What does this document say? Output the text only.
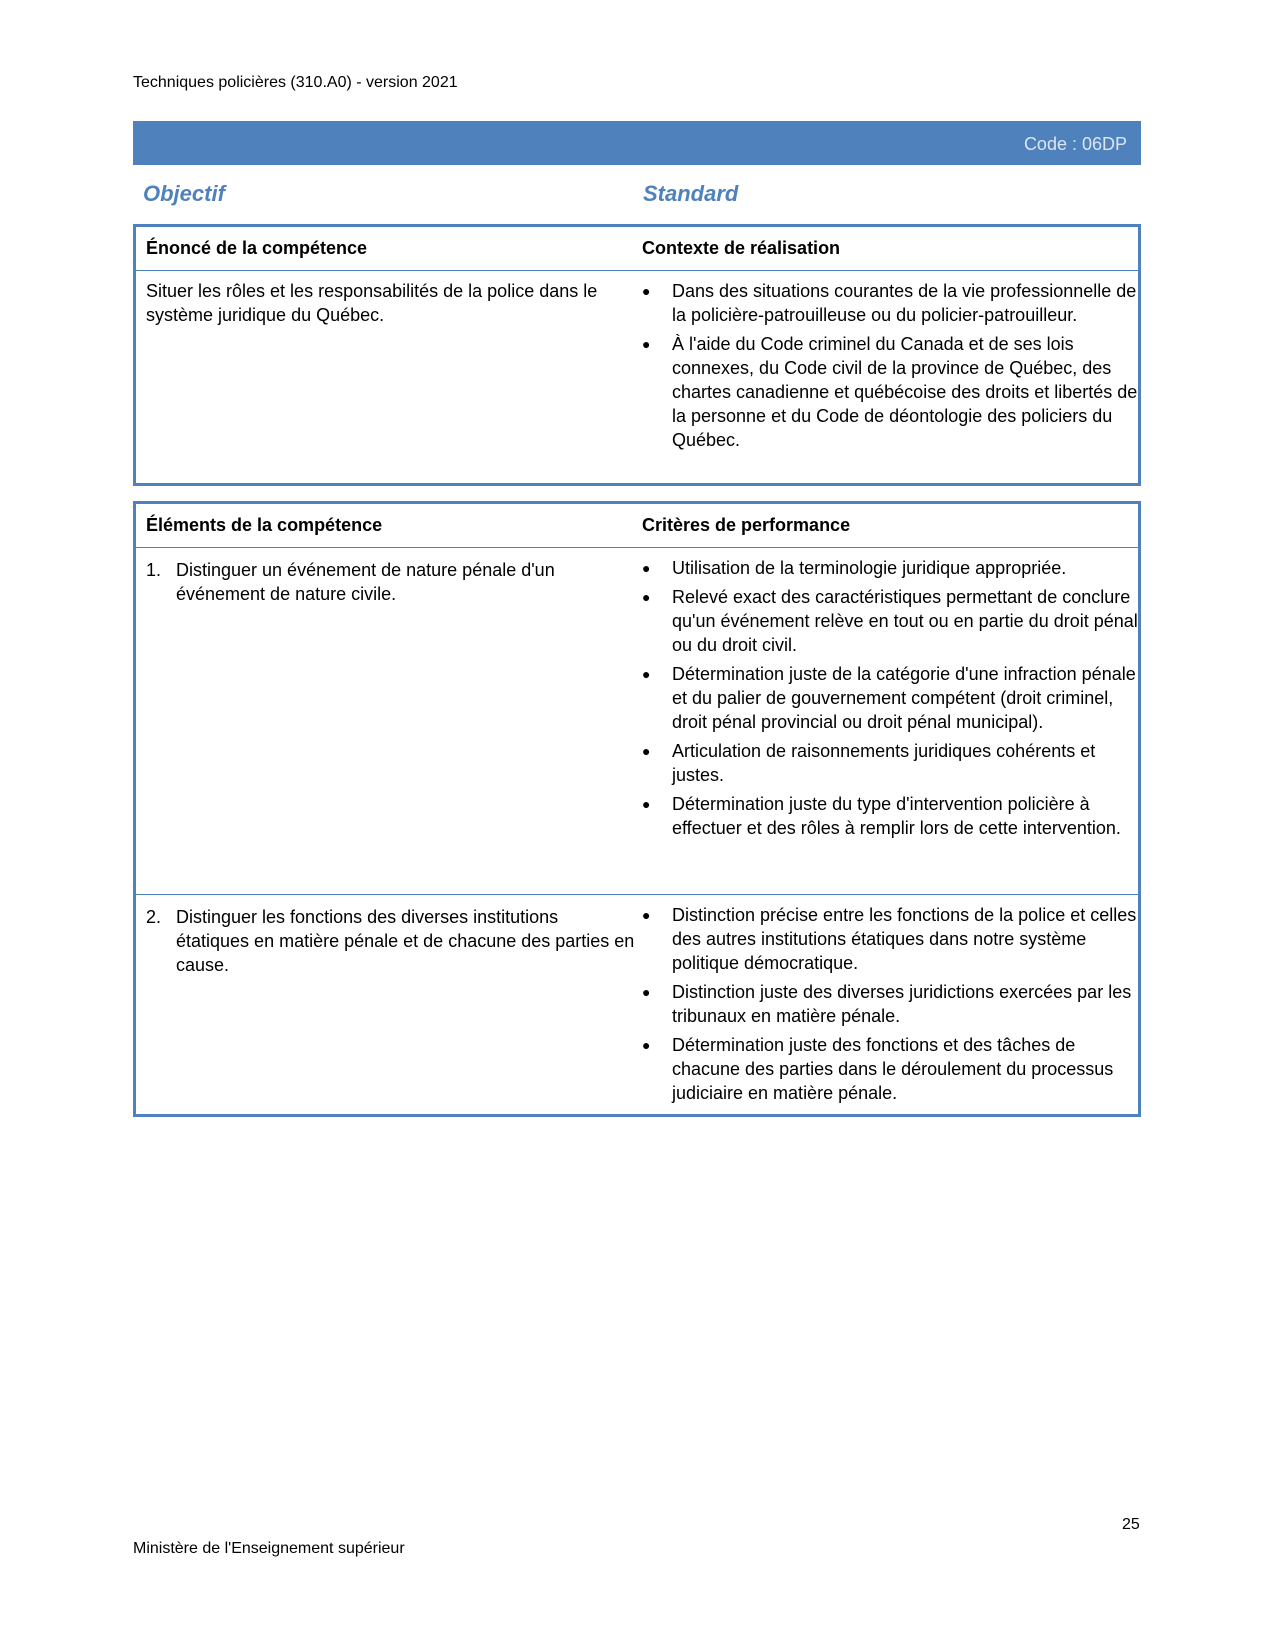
Techniques policières (310.A0) - version 2021
Code : 06DP
Objectif	Standard
Énoncé de la compétence	Contexte de réalisation
Situer les rôles et les responsabilités de la police dans le système juridique du Québec.
●	Dans des situations courantes de la vie professionnelle de la policière-patrouilleuse ou du policier-patrouilleur.
●	À l'aide du Code criminel du Canada et de ses lois connexes, du Code civil de la province de Québec, des chartes canadienne et québécoise des droits et libertés de la personne et du Code de déontologie des policiers du Québec.
Éléments de la compétence	Critères de performance
1. Distinguer un événement de nature pénale d'un événement de nature civile.
●	Utilisation de la terminologie juridique appropriée.
●	Relevé exact des caractéristiques permettant de conclure qu'un événement relève en tout ou en partie du droit pénal ou du droit civil.
●	Détermination juste de la catégorie d'une infraction pénale et du palier de gouvernement compétent (droit criminel, droit pénal provincial ou droit pénal municipal).
●	Articulation de raisonnements juridiques cohérents et justes.
●	Détermination juste du type d'intervention policière à effectuer et des rôles à remplir lors de cette intervention.
2. Distinguer les fonctions des diverses institutions étatiques en matière pénale et de chacune des parties en cause.
●	Distinction précise entre les fonctions de la police et celles des autres institutions étatiques dans notre système politique démocratique.
●	Distinction juste des diverses juridictions exercées par les tribunaux en matière pénale.
●	Détermination juste des fonctions et des tâches de chacune des parties dans le déroulement du processus judiciaire en matière pénale.
25
Ministère de l'Enseignement supérieur
